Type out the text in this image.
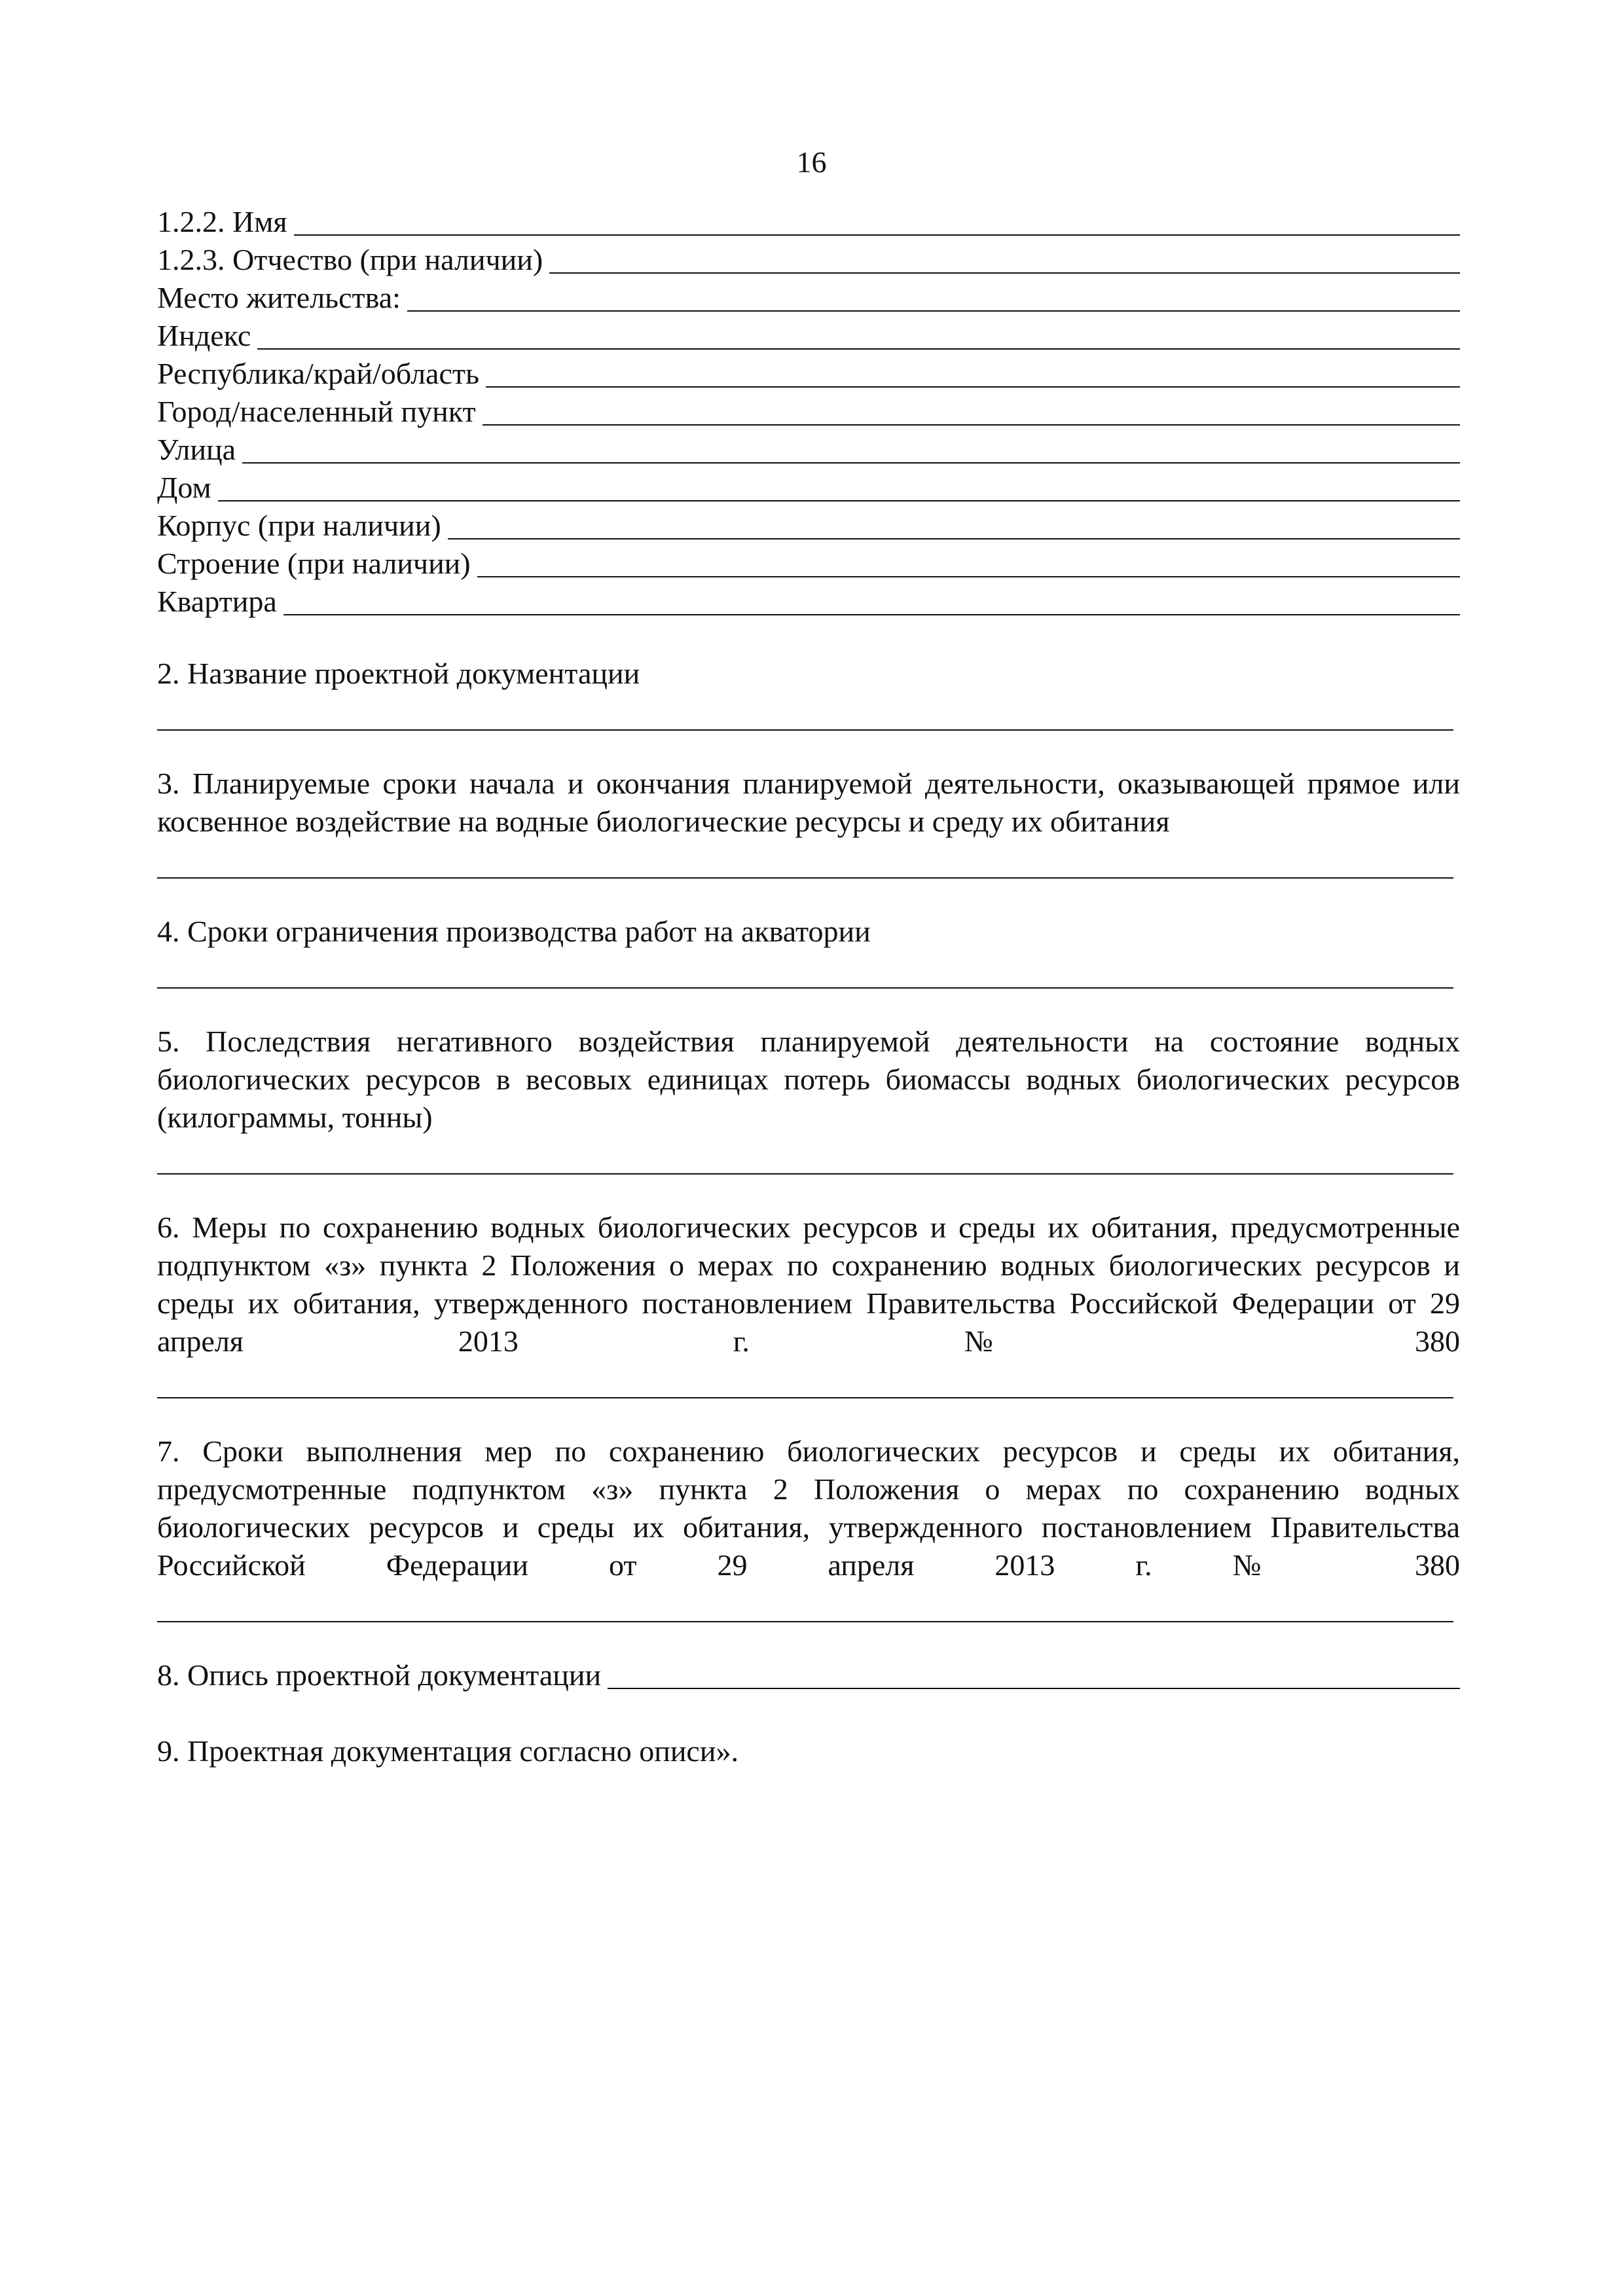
16
1.2.2. Имя
1.2.3. Отчество (при наличии)
Место жительства:
Индекс
Республика/край/область
Город/населенный пункт
Улица
Дом
Корпус (при наличии)
Строение (при наличии)
Квартира
2. Название проектной документации
3. Планируемые сроки начала и окончания планируемой деятельности, оказывающей прямое или косвенное воздействие на водные биологические ресурсы и среду их обитания
4. Сроки ограничения производства работ на акватории
5. Последствия негативного воздействия планируемой деятельности на состояние водных биологических ресурсов в весовых единицах потерь биомассы водных биологических ресурсов (килограммы, тонны)
6. Меры по сохранению водных биологических ресурсов и среды их обитания, предусмотренные подпунктом «з» пункта 2 Положения о мерах по сохранению водных биологических ресурсов и среды их обитания, утвержденного постановлением Правительства Российской Федерации от 29 апреля 2013 г. № 380
7. Сроки выполнения мер по сохранению биологических ресурсов и среды их обитания, предусмотренные подпунктом «з» пункта 2 Положения о мерах по сохранению водных биологических ресурсов и среды их обитания, утвержденного постановлением Правительства Российской Федерации от 29 апреля 2013 г. № 380
8. Опись проектной документации
9. Проектная документация согласно описи».
